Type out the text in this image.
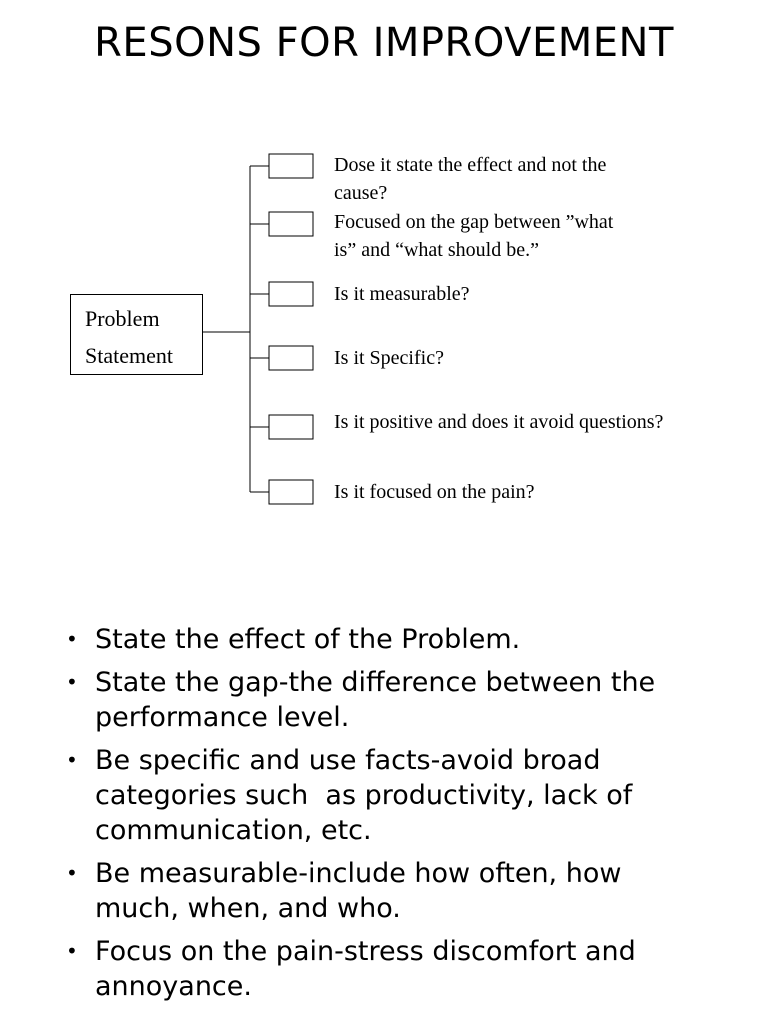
RESONS FOR IMPROVEMENT
Problem
Statement
Dose it state the effect and not the
cause?
Focused on the gap between ”what
is” and “what should be.”
Is it measurable?
Is it Specific?
Is it positive and does it avoid questions?
Is it focused on the pain?
• State the effect of the Problem.
• State the gap-the difference between the
performance level.
• Be specific and use facts-avoid broad
categories such  as productivity, lack of
communication, etc.
• Be measurable-include how often, how
much, when, and who.
• Focus on the pain-stress discomfort and
annoyance.
